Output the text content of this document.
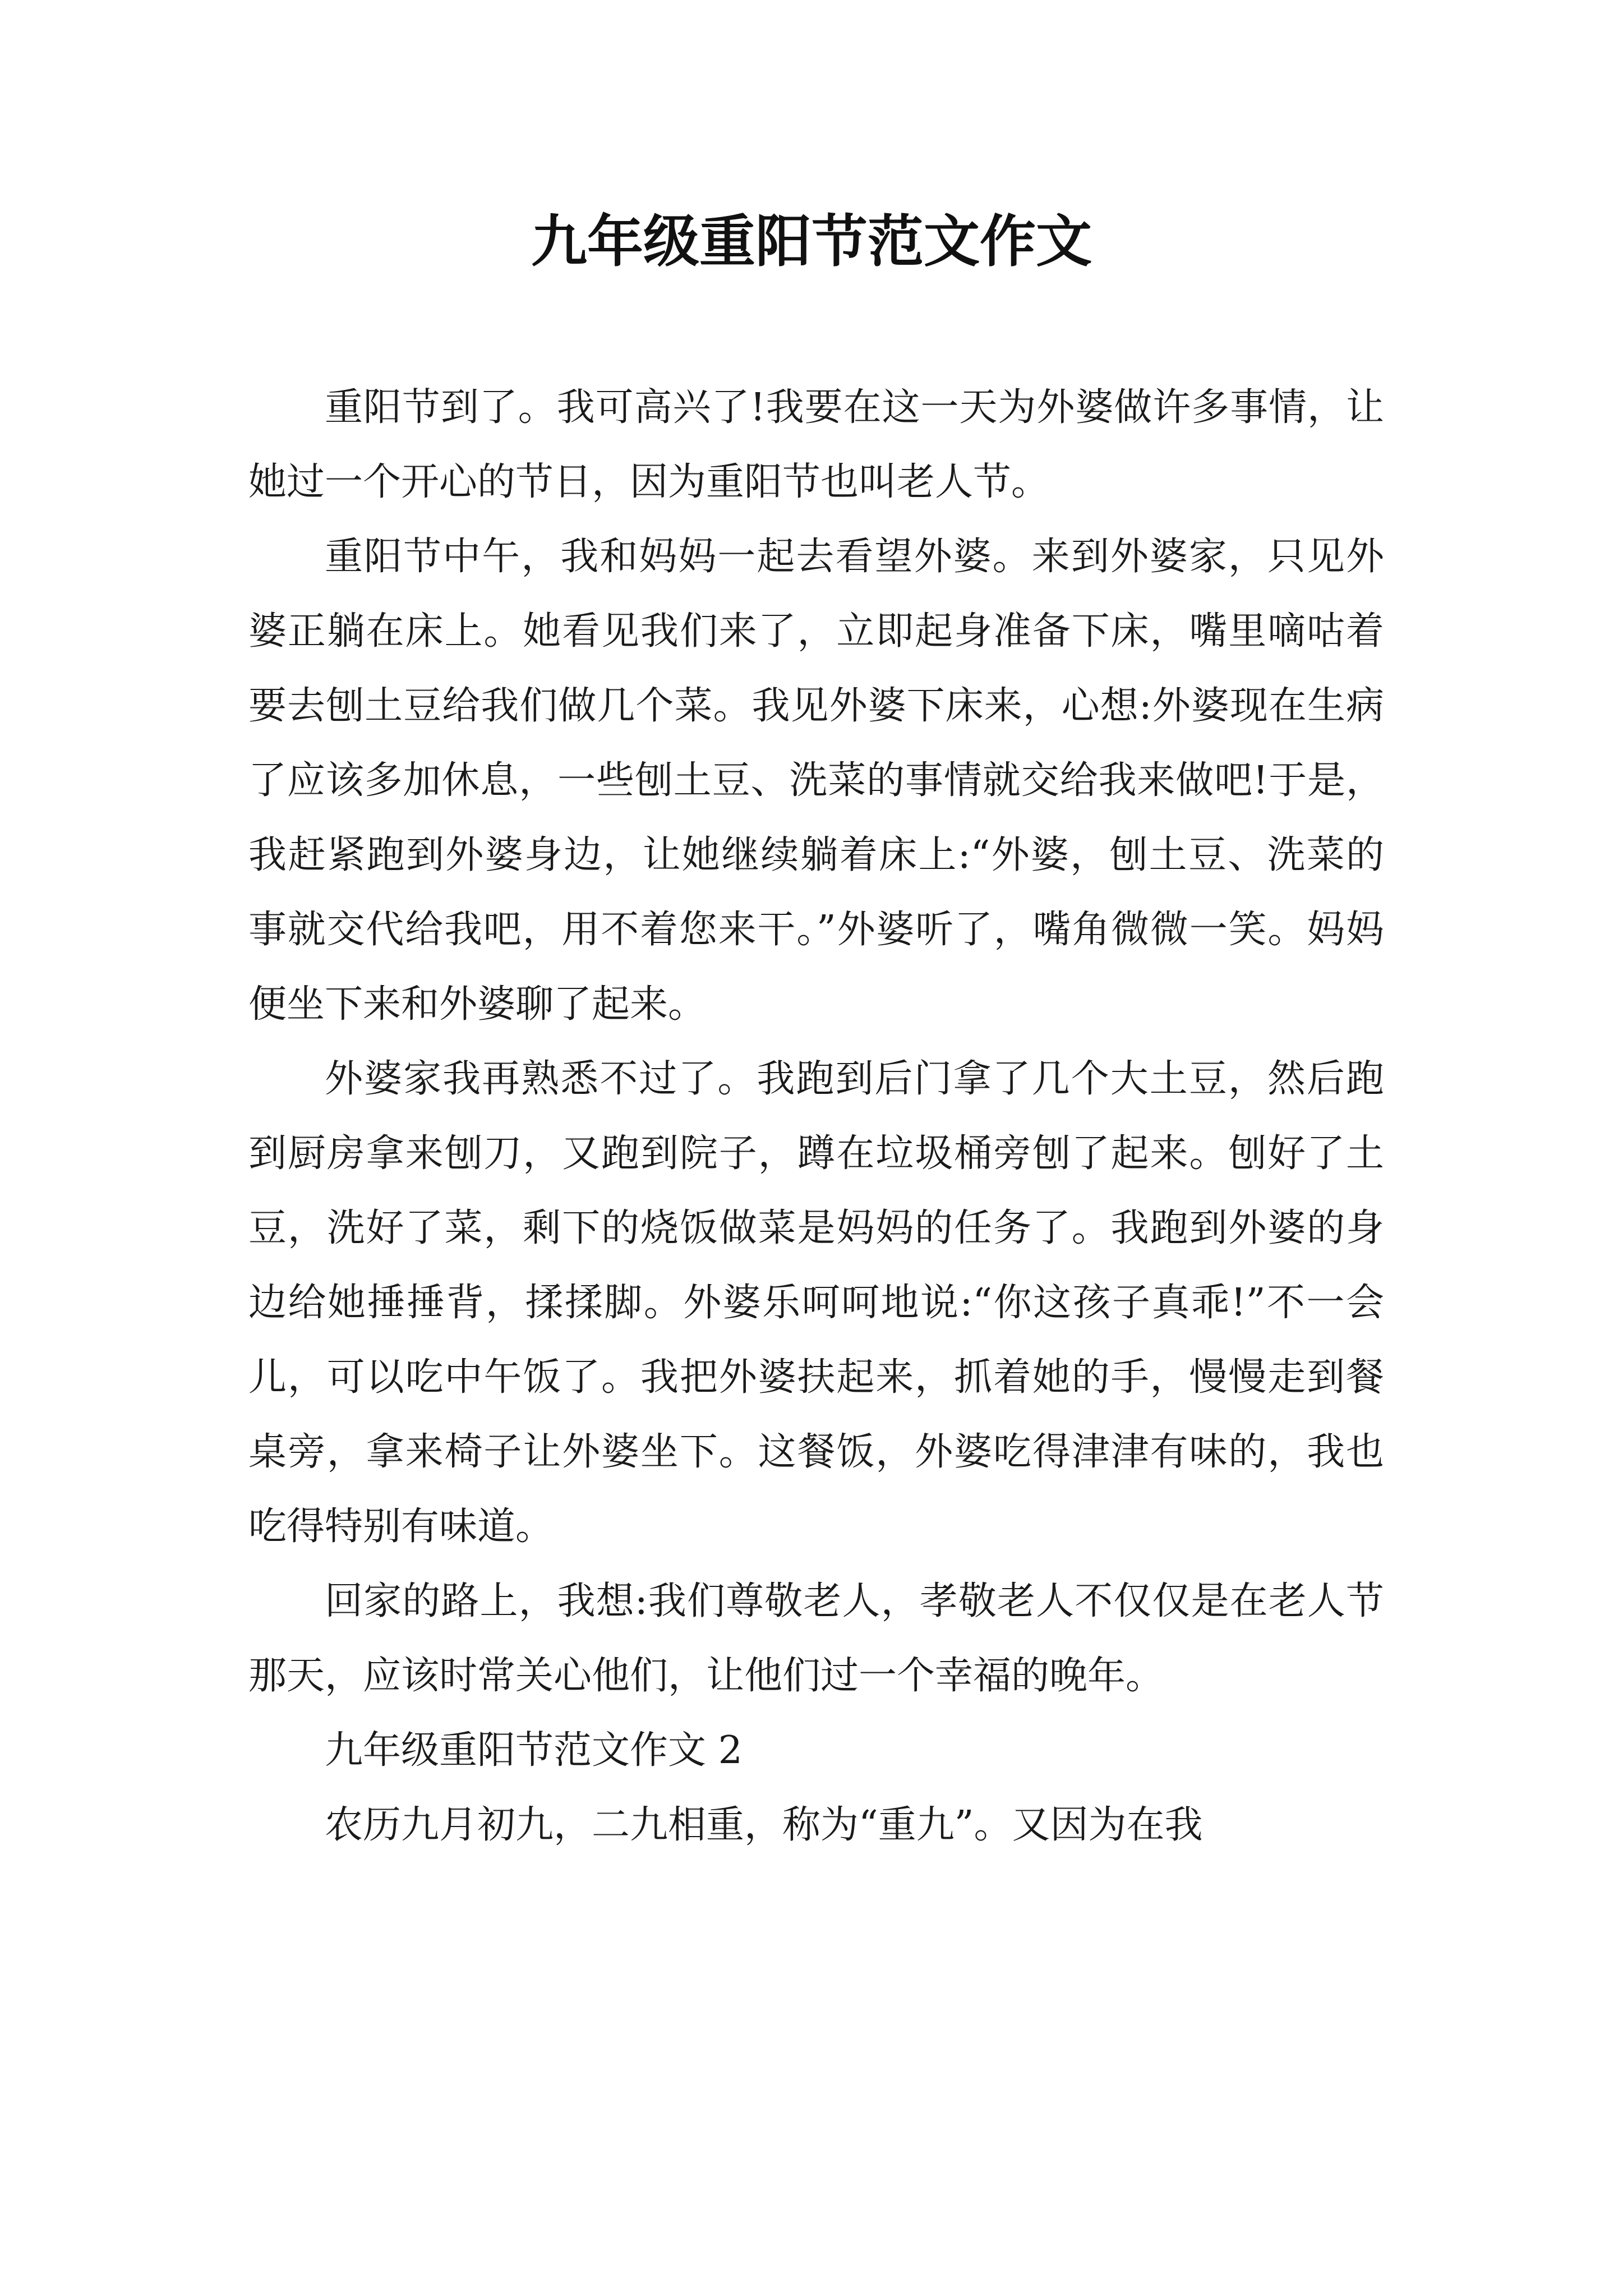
九年级重阳节范文作文

重阳节到了。我可高兴了!我要在这一天为外婆做许多事情，让她过一个开心的节日，因为重阳节也叫老人节。

重阳节中午，我和妈妈一起去看望外婆。来到外婆家，只见外婆正躺在床上。她看见我们来了，立即起身准备下床，嘴里嘀咕着要去刨土豆给我们做几个菜。我见外婆下床来，心想:外婆现在生病了应该多加休息，一些刨土豆、洗菜的事情就交给我来做吧!于是，我赶紧跑到外婆身边，让她继续躺着床上:“外婆，刨土豆、洗菜的事就交代给我吧，用不着您来干。”外婆听了，嘴角微微一笑。妈妈便坐下来和外婆聊了起来。

外婆家我再熟悉不过了。我跑到后门拿了几个大土豆，然后跑到厨房拿来刨刀，又跑到院子，蹲在垃圾桶旁刨了起来。刨好了土豆，洗好了菜，剩下的烧饭做菜是妈妈的任务了。我跑到外婆的身边给她捶捶背，揉揉脚。外婆乐呵呵地说:“你这孩子真乖!”不一会儿，可以吃中午饭了。我把外婆扶起来，抓着她的手，慢慢走到餐桌旁，拿来椅子让外婆坐下。这餐饭，外婆吃得津津有味的，我也吃得特别有味道。

回家的路上，我想:我们尊敬老人，孝敬老人不仅仅是在老人节那天，应该时常关心他们，让他们过一个幸福的晚年。

九年级重阳节范文作文 2

农历九月初九，二九相重，称为“重九”。又因为在我
